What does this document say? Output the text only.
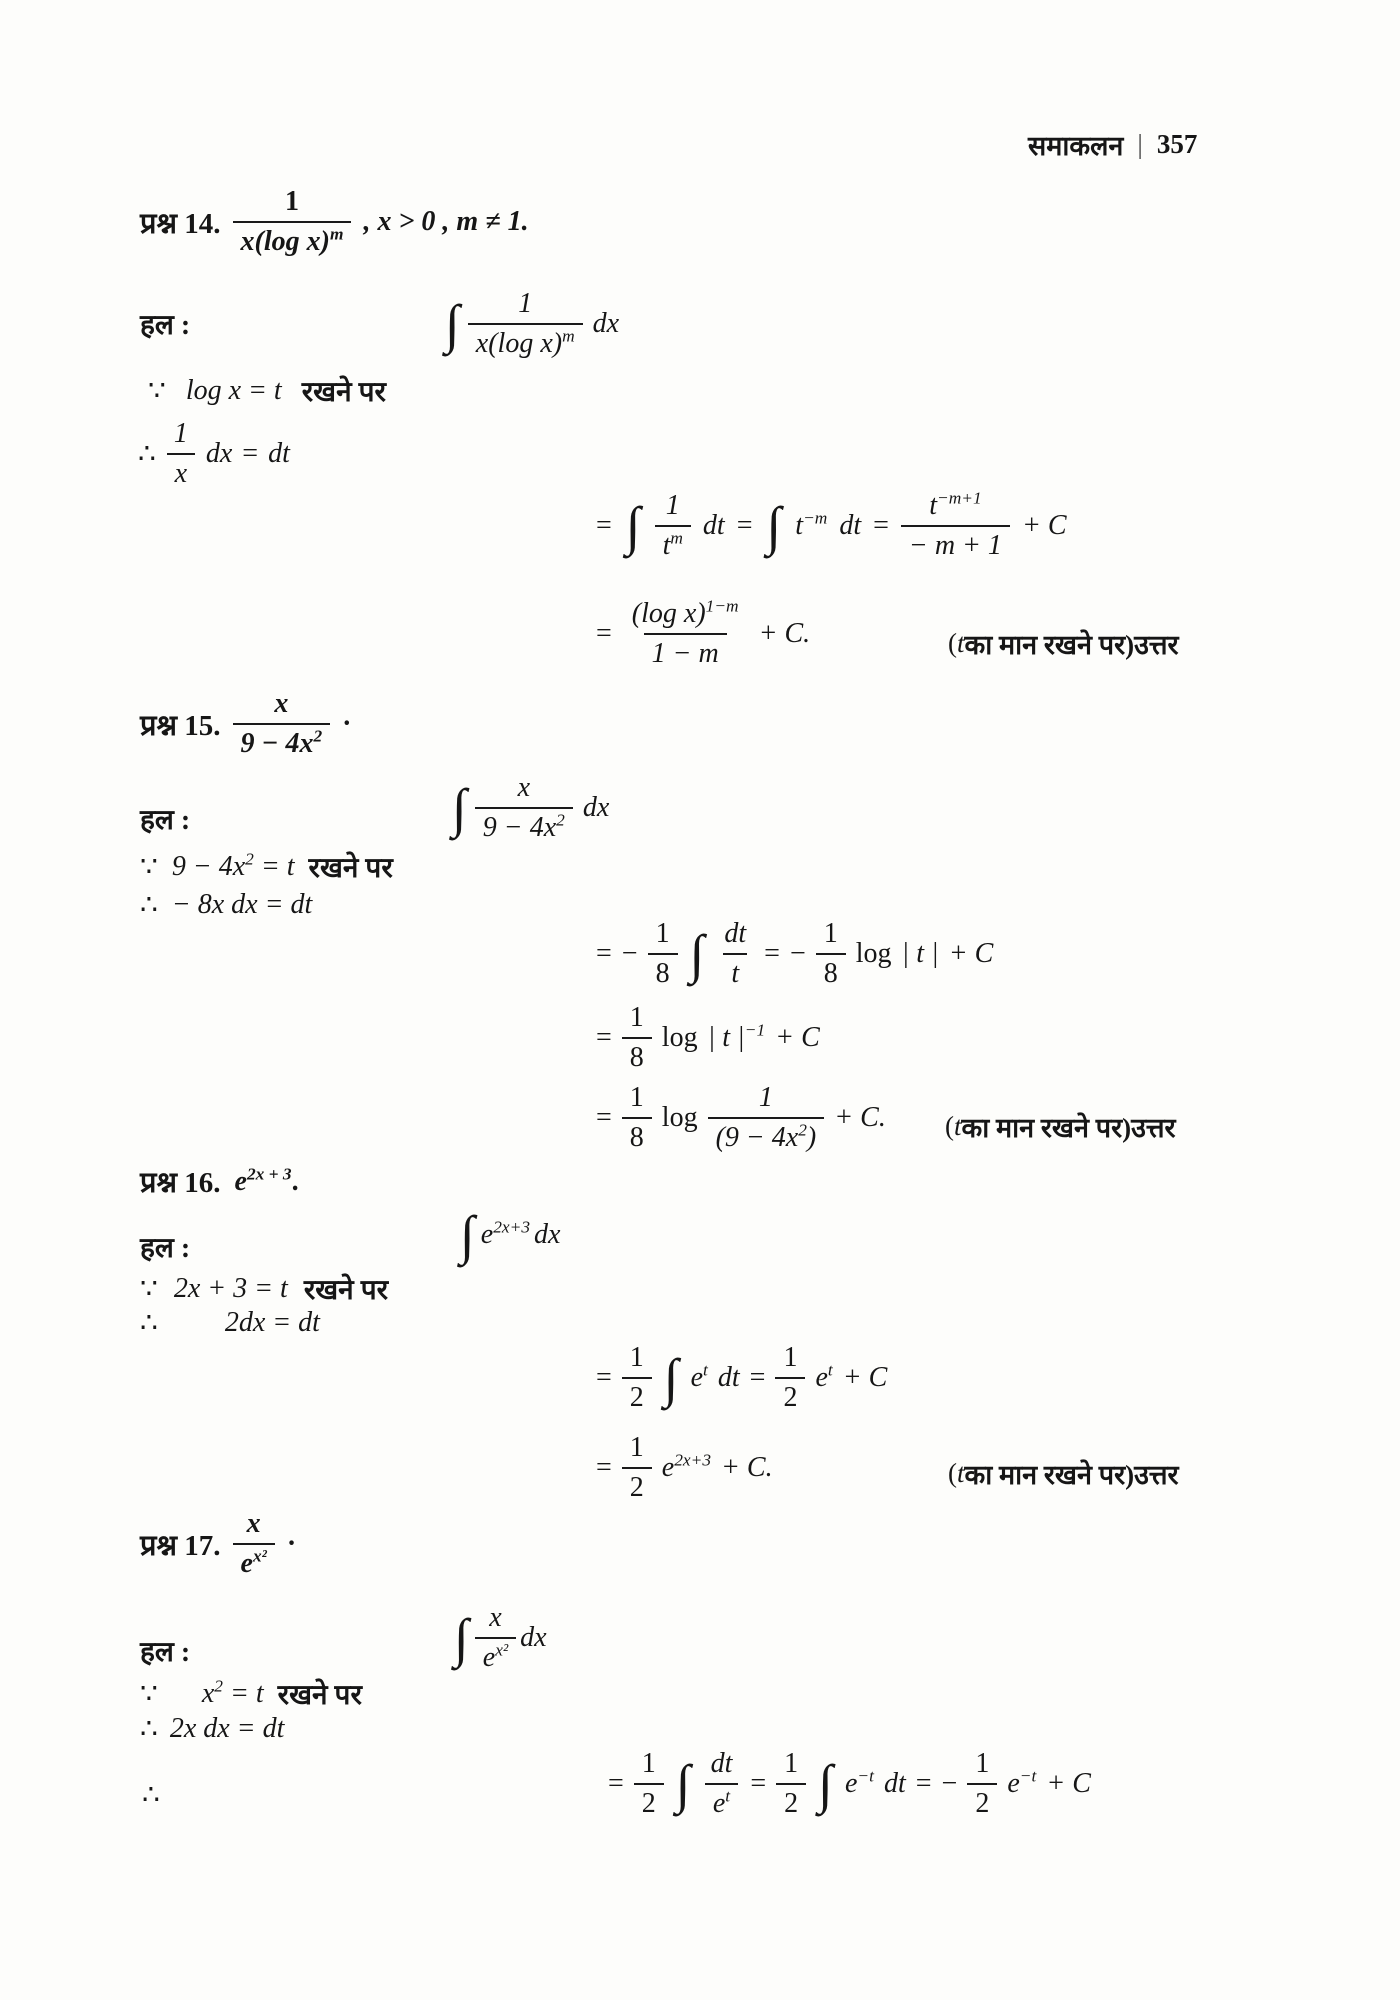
समाकलन | 357
प्रश्न 14. $\frac{1}{x(\log x)^m}$ , x > 0 , m ≠ 1.
हल :	∫ $\frac{1}{x(\log x)^m}$ dx
∵ log x = t रखने पर
∴ $\frac{1}{x}$ dx = dt
= ∫ $\frac{1}{t^m}$ dt = ∫ $t^{-m}$ dt = $\frac{t^{-m+1}}{- m + 1} + C$
= $\frac{(\log x)^{1-m}}{1 - m} + C$.	( t का मान रखने पर) उत्तर
प्रश्न 15. $\frac{x}{9 - 4x^2}$ ·
हल :	∫ $\frac{x}{9 - 4x^2}$ dx
∵ $9 - 4x^2 = t$ रखने पर
∴ − 8x dx = dt
= − $\frac{1}{8}$ ∫ $\frac{dt}{t}$ = − $\frac{1}{8}$ log | t | + C
= $\frac{1}{8}$ log | t $|^{-1} + C$
= $\frac{1}{8}$ $\log \frac{1}{(9 - 4x^2)} + C$. ( t का मान रखने पर) उत्तर
प्रश्न 16. $e^{2x + 3}$.
हल :	∫ $e^{2x+3}$ dx
∵ 2x + 3 = t रखने पर
∴ 2dx = dt
= $\frac{1}{2}$ ∫ $e^t$ dt = $\frac{1}{2} e^t + C$
= $\frac{1}{2} e^{2x+3} + C$.	( t का मान रखने पर) उत्तर
प्रश्न 17. $\frac{x}{e^{x^2}}$ ·
हल :	∫ $\frac{x}{e^{x^2}}$ dx
∵ $x^2 = t$ रखने पर
∴ 2x dx = dt
∴	= $\frac{1}{2}$ ∫ $\frac{dt}{e^t} = \frac{1}{2}$ ∫ $e^{-t}$ dt = − $\frac{1}{2} e^{-t} + C$
